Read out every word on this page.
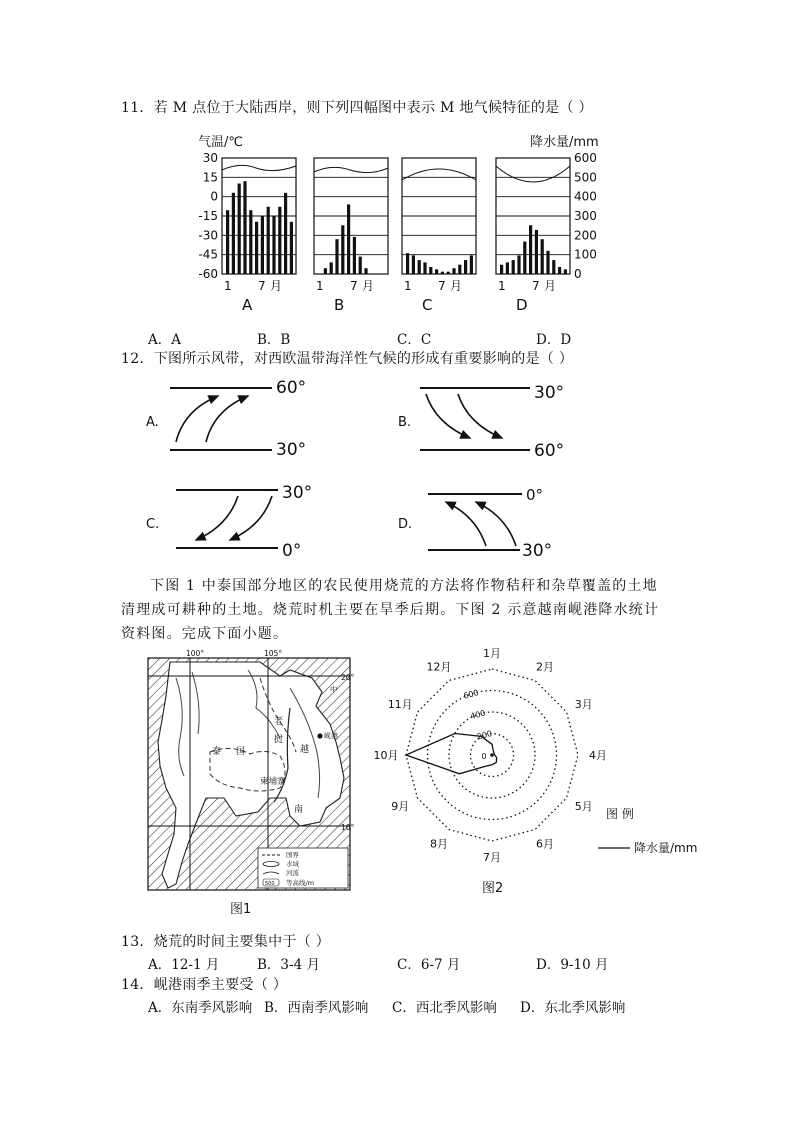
11．若 M 点位于大陆西岸，则下列四幅图中表示 M 地气候特征的是（ ）
气温/℃	降水量/mm
30
15
0
-15
-30
-45
-60
600
500
400
300
200
100
0
1 7 月
A
1 7 月
B
1 7 月
C
1 7 月
D
A．A	B．B	C．C	D．D
12．下图所示风带，对西欧温带海洋性气候的形成有重要影响的是（ ）
A.
60°
30°
B.
30°
60°
C.
30°
0°
D.
0°
30°
下图 1 中泰国部分地区的农民使用烧荒的方法将作物秸秆和杂草覆盖的土地
清理成可耕种的土地。烧荒时机主要在旱季后期。下图 2 示意越南岘港降水统计
资料图。完成下面小题。
100°	105°
20°
10°
泰 国
老
挝
柬埔寨
越
南
中
岘港
国界
水域
河流
500 等高线/m
图1
1月
2月
3月
4月
5月
6月
7月
8月
9月
10月
11月
12月
0
200
400
600
图 例
降水量/mm
图2
13．烧荒的时间主要集中于（ ）
A．12-1 月	B．3-4 月	C．6-7 月	D．9-10 月
14．岘港雨季主要受（ ）
A．东南季风影响 B．西南季风影响 C．西北季风影响 D．东北季风影响
